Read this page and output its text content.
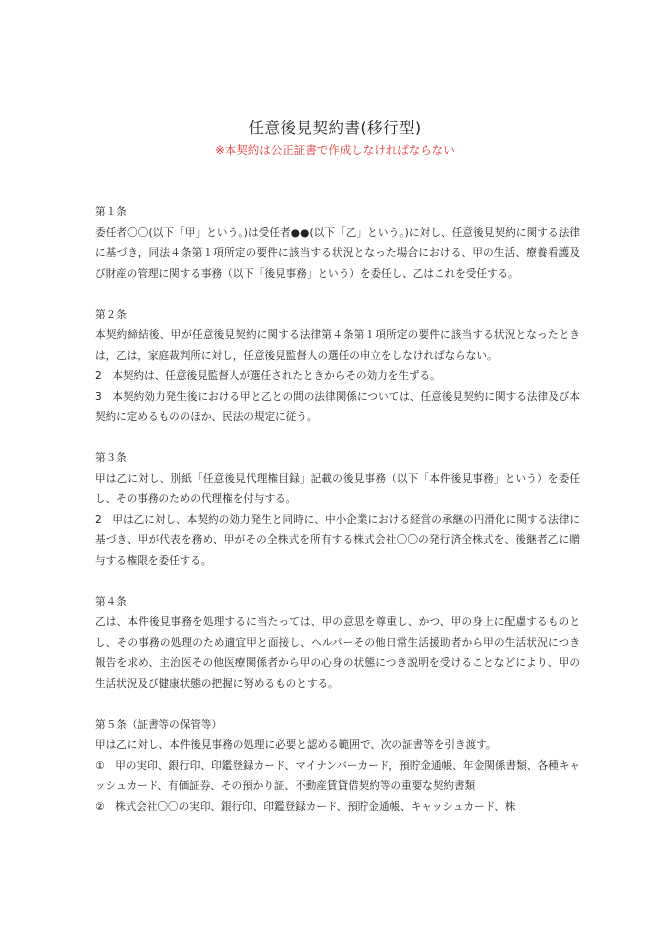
任意後見契約書(移行型)
※本契約は公正証書で作成しなければならない

第１条

委任者〇〇(以下「甲」という。)は受任者●●(以下「乙」という。)に対し、任意後見契約に関する法律に基づき，同法４条第１項所定の要件に該当する状況となった場合における、甲の生活、療養看護及び財産の管理に関する事務（以下「後見事務」という）を委任し、乙はこれを受任する。

第２条

本契約締結後、甲が任意後見契約に関する法律第４条第１項所定の要件に該当する状況となったときは，乙は，家庭裁判所に対し，任意後見監督人の選任の申立をしなければならない。

2　本契約は、任意後見監督人が選任されたときからその効力を生ずる。

3　本契約効力発生後における甲と乙との間の法律関係については、任意後見契約に関する法律及び本契約に定めるもののほか、民法の規定に従う。

第３条

甲は乙に対し、別紙「任意後見代理権目録」記載の後見事務（以下「本件後見事務」という）を委任し、その事務のための代理権を付与する。

2　甲は乙に対し、本契約の効力発生と同時に、中小企業における経営の承継の円滑化に関する法律に基づき、甲が代表を務め、甲がその全株式を所有する株式会社〇〇の発行済全株式を、後継者乙に贈与する権限を委任する。

第４条

乙は、本件後見事務を処理するに当たっては、甲の意思を尊重し、かつ、甲の身上に配慮するものとし、その事務の処理のため適宜甲と面接し、ヘルパーその他日常生活援助者から甲の生活状況につき報告を求め、主治医その他医療関係者から甲の心身の状態につき説明を受けることなどにより、甲の生活状況及び健康状態の把握に努めるものとする。

第５条（証書等の保管等）

甲は乙に対し、本件後見事務の処理に必要と認める範囲で、次の証書等を引き渡す。

①　甲の実印、銀行印、印鑑登録カード、マイナンバーカード，預貯金通帳、年金関係書類、各種キャッシュカード、有価証券、その預かり証、不動産賃貸借契約等の重要な契約書類

②　株式会社〇〇の実印、銀行印、印鑑登録カード、預貯金通帳、キャッシュカード、株
